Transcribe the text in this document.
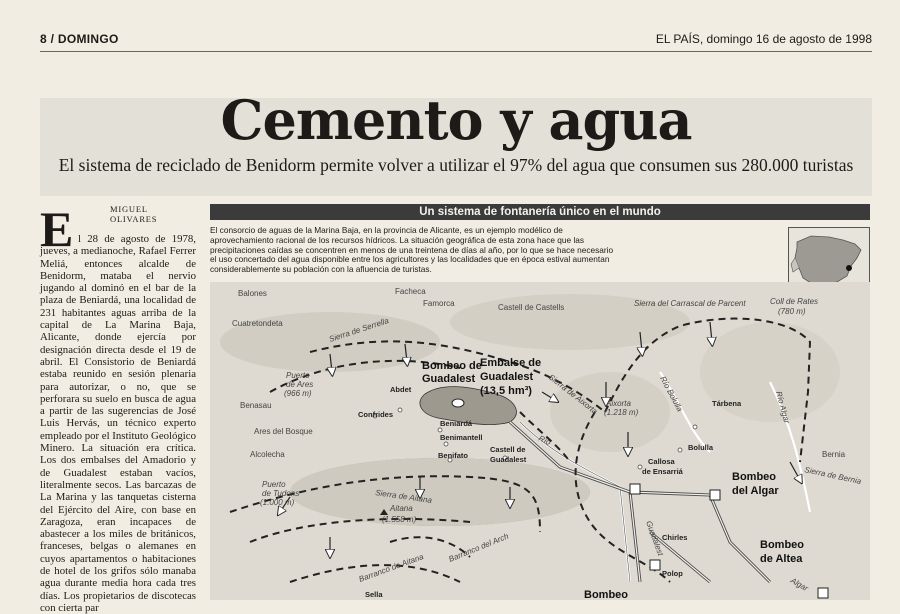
8 / DOMINGO	EL PAÍS, domingo 16 de agosto de 1998
Cemento y agua
El sistema de reciclado de Benidorm permite volver a utilizar el 97% del agua que consumen sus 280.000 turistas
MIGUEL OLIVARES
E l 28 de agosto de 1978, jueves, a medianoche, Rafael Ferrer Meliá, entonces alcalde de Benidorm, mataba el nervio jugando al dominó en el bar de la plaza de Beniardá, una localidad de 231 habitantes aguas arriba de la capital de La Marina Baja, Alicante, donde ejercía por designación directa desde el 19 de abril. El Consistorio de Beniardá estaba reunido en sesión plenaria para autorizar, o no, que se perforara su suelo en busca de agua a partir de las sugerencias de José Luis Hervás, un técnico experto empleado por el Instituto Geológico Minero. La situación era crítica. Los dos embalses del Amadorio y de Guadalest estaban vacíos, literalmente secos. Las barcazas de La Marina y las tanquetas cisterna del Ejército del Aire, con base en Zaragoza, eran incapaces de abastecer a los miles de británicos, franceses, belgas o alemanes en cuyos apartamentos o habitaciones de hotel de los grifos sólo manaba agua durante media hora cada tres días. Los propietarios de discotecas con cierta par

Un sistema de fontanería único en el mundo

El consorcio de aguas de la Marina Baja, en la provincia de Alicante, es un ejemplo modélico de aprovechamiento racional de los recursos hídricos. La situación geográfica de esta zona hace que las precipitaciones caídas se concentren en menos de una treintena de días al año, por lo que se hace necesario el uso concertado del agua disponible entre los agricultores y las localidades que en época estival aumentan considerablemente su población con la afluencia de turistas.

Balones	Facheca
Famorca	Castell de Castells	Sierra del Carrascal de Parcent	Coll de Rates
(780 m)
Cuatretondeta	Sierra de Serrella
Bombeo de
Guadalest
Embalse de
Guadalest
(13,5 hm³)
Abdet
Puerto
de Ares
(966 m)
Benasau
Ares del Bosque
Alcolecha
Confrides
Beniardá
Benimantell
Benifato
Castell de
Guadalest
Sierra de Aixorta Aixorta
(1.218 m)
Río
Tárbena
Bolulla
Río Bolulla	Río Algar
Bernia
Sierra de Bernia
Callosa
de Ensarriá	Bombeo
del Algar
Puerto
de Tudons
(1.000 m)	Sierra de Aitana
Aitana
(1.558 m)
Chirles
Polop
Bombeo
de Altea
Barranco del Arch
Barranco de Aitana
Sella
Guadalest
Bombeo
Algar
